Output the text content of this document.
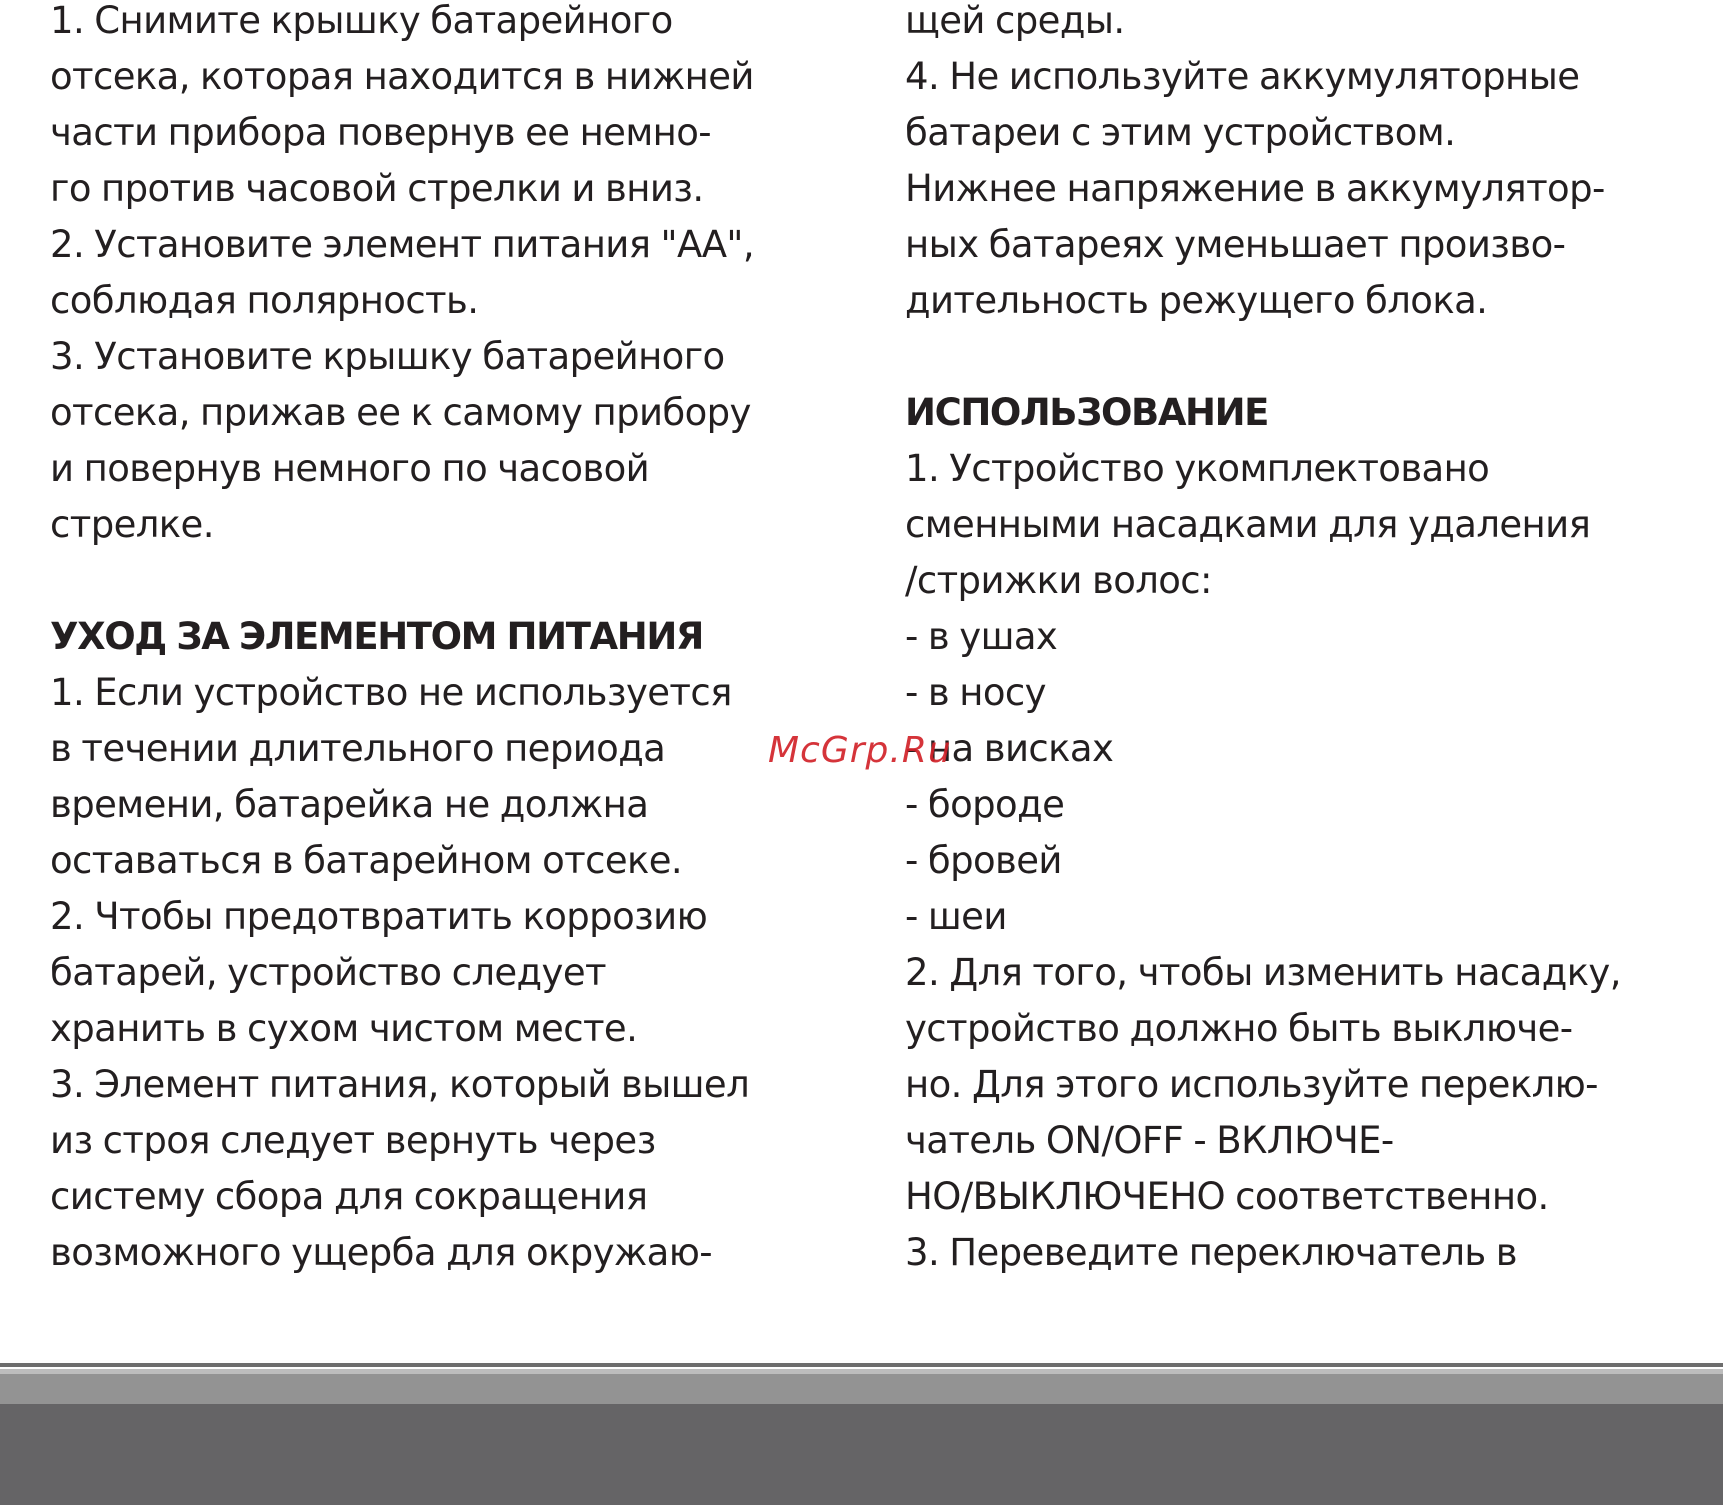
1. Снимите крышку батарейного
отсека, которая находится в нижней
части прибора повернув ее немно-
го против часовой стрелки и вниз.
2. Установите элемент питания "АА",
соблюдая полярность.
3. Установите крышку батарейного
отсека, прижав ее к самому прибору
и повернув немного по часовой
стрелке.
УХОД ЗА ЭЛЕМЕНТОМ ПИТАНИЯ
1. Если устройство не используется
в течении длительного периода
времени, батарейка не должна
оставаться в батарейном отсеке.
2. Чтобы предотвратить коррозию
батарей, устройство следует
хранить в сухом чистом месте.
3. Элемент питания, который вышел
из строя следует вернуть через
систему сбора для сокращения
возможного ущерба для окружаю-
щей среды.
4. Не используйте аккумуляторные
батареи с этим устройством.
Нижнее напряжение в аккумулятор-
ных батареях уменьшает произво-
дительность режущего блока.
ИСПОЛЬЗОВАНИЕ
1. Устройство укомплектовано
сменными насадками для удаления
/стрижки волос:
- в ушах
- в носу
- на висках
- бороде
- бровей
- шеи
2. Для того, чтобы изменить насадку,
устройство должно быть выключе-
но. Для этого используйте переклю-
чатель ON/OFF - ВКЛЮЧЕ-
НО/ВЫКЛЮЧЕНО соответственно.
3. Переведите переключатель в
McGrp.Ru
